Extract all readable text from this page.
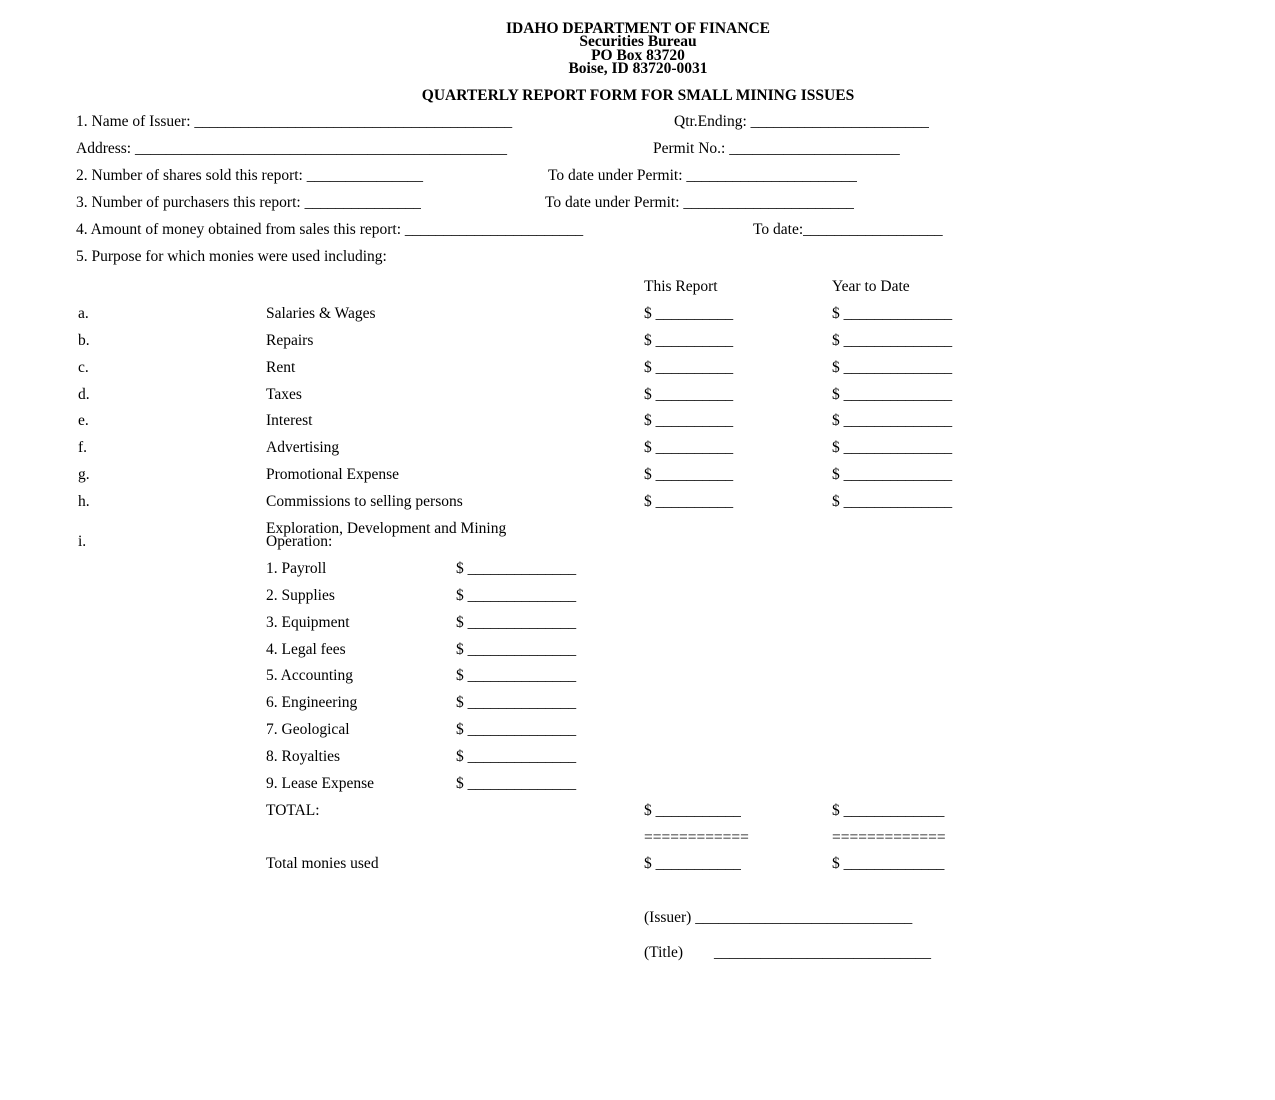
IDAHO DEPARTMENT OF FINANCE
Securities Bureau
PO Box 83720
Boise, ID 83720-0031
QUARTERLY REPORT FORM FOR SMALL MINING ISSUES
1. Name of Issuer: _________________________________________	Qtr.Ending: _______________________
Address: ________________________________________________	Permit No.: ______________________
2. Number of shares sold this report: _______________	To date under Permit: ______________________
3. Number of purchasers this report: _______________	To date under Permit: ______________________
4. Amount of money obtained from sales this report: _______________________	To date:__________________
5. Purpose for which monies were used including:
This Report	Year to Date
a.	Salaries & Wages	$ __________	$ ______________
b.	Repairs	$ __________	$ ______________
c.	Rent	$ __________	$ ______________
d.	Taxes	$ __________	$ ______________
e.	Interest	$ __________	$ ______________
f.	Advertising	$ __________	$ ______________
g.	Promotional Expense	$ __________	$ ______________
h.	Commissions to selling persons	$ __________	$ ______________
i.
Exploration, Development and Mining
Operation:
1. Payroll	$ ______________
2. Supplies	$ ______________
3. Equipment	$ ______________
4. Legal fees	$ ______________
5. Accounting	$ ______________
6. Engineering	$ ______________
7. Geological	$ ______________
8. Royalties	$ ______________
9. Lease Expense	$ ______________
TOTAL:	$ ___________	$ _____________
============	=============
Total monies used	$ ___________	$ _____________
(Issuer) ____________________________
(Title) ____________________________
